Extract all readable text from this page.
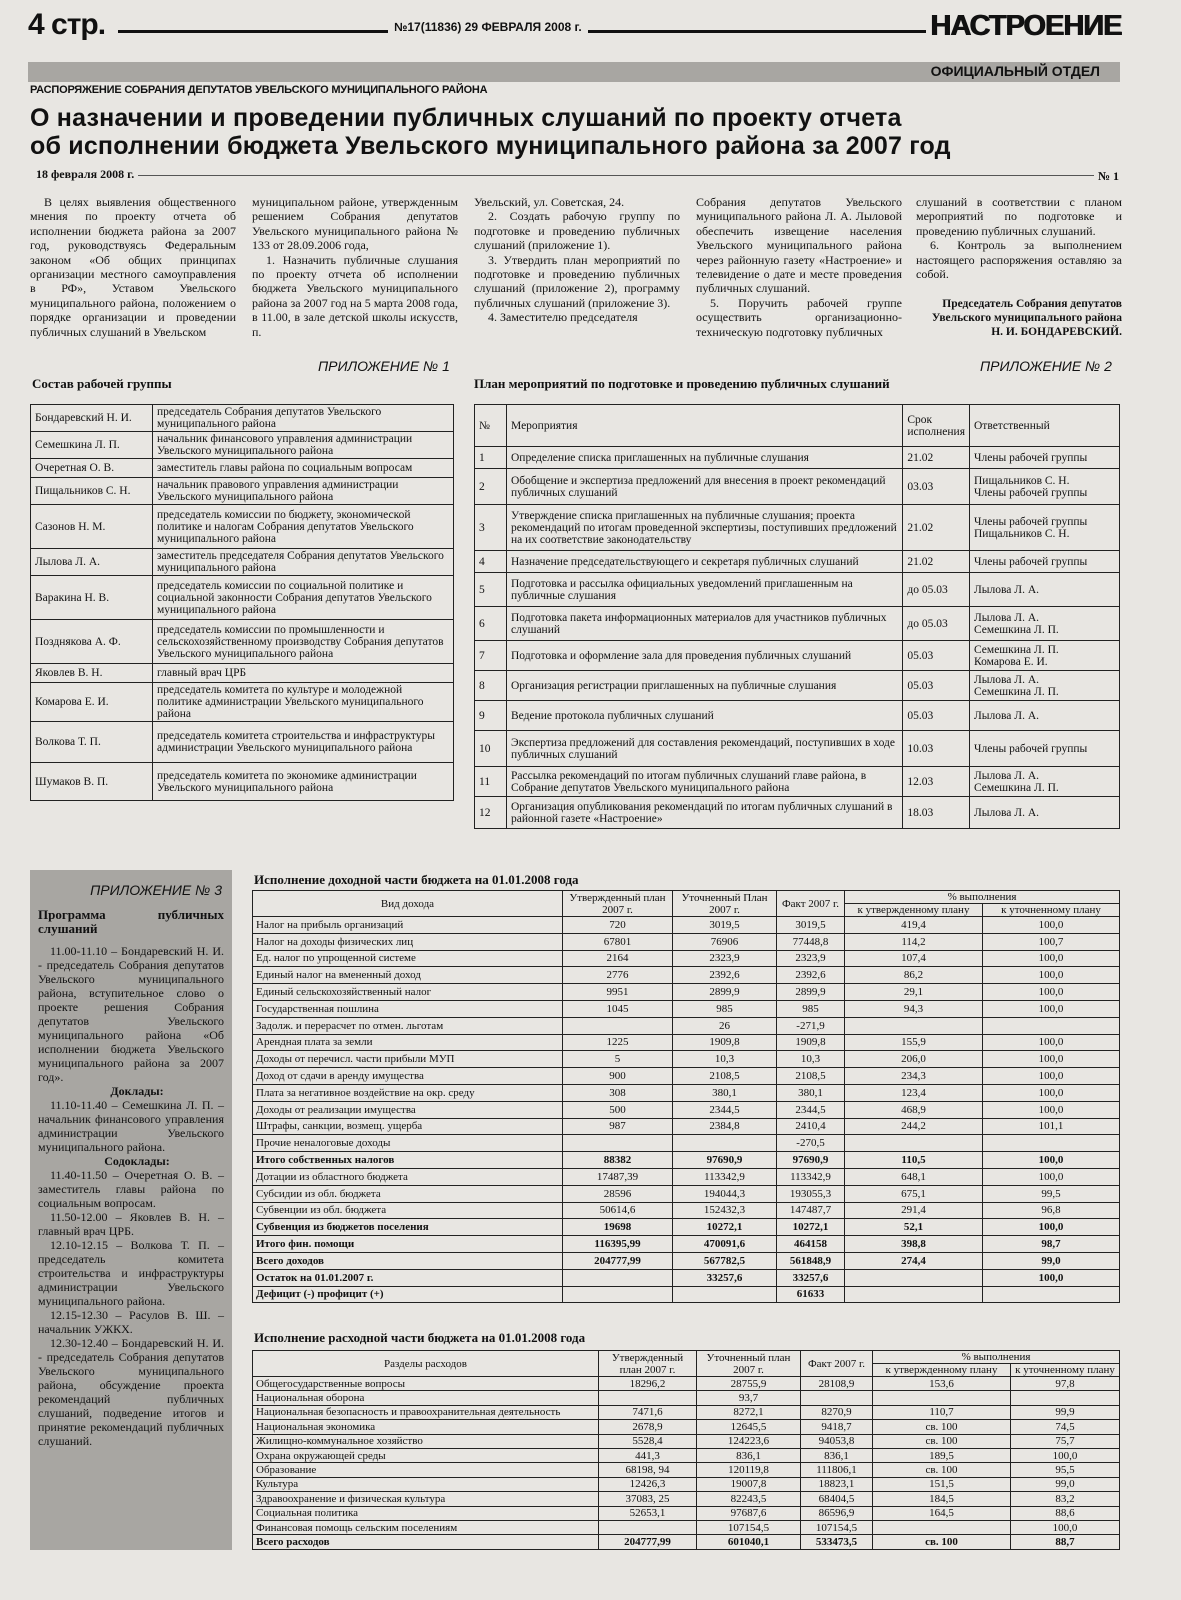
4 стр.	№17(11836) 29 ФЕВРАЛЯ 2008 г.	НАСТРОЕНИЕ
ОФИЦИАЛЬНЫЙ ОТДЕЛ
РАСПОРЯЖЕНИЕ СОБРАНИЯ ДЕПУТАТОВ УВЕЛЬСКОГО МУНИЦИПАЛЬНОГО РАЙОНА
О назначении и проведении публичных слушаний по проекту отчета
об исполнении бюджета Увельского муниципального района за 2007 год
18 февраля 2008 г.	№ 1

В целях выявления общественного мнения по проекту отчета об исполнении бюджета района за 2007 год, руководствуясь Федеральным законом «Об общих принципах организации местного самоуправления в РФ», Уставом Увельского муниципального района, положением о порядке организации и проведении публичных слушаний в Увельском

муниципальном районе, утвержденным решением Собрания депутатов Увельского муниципального района № 133 от 28.09.2006 года,

1. Назначить публичные слушания по проекту отчета об исполнении бюджета Увельского муниципального района за 2007 год на 5 марта 2008 года, в 11.00, в зале детской школы искусств, п.

Увельский, ул. Советская, 24.

2. Создать рабочую группу по подготовке и проведению публичных слушаний (приложение 1).

3. Утвердить план мероприятий по подготовке и проведению публичных слушаний (приложение 2), программу публичных слушаний (приложение 3).

4. Заместителю председателя

Собрания депутатов Увельского муниципального района Л. А. Лыловой обеспечить извещение населения Увельского муниципального района через районную газету «Настроение» и телевидение о дате и месте проведения публичных слушаний.

5. Поручить рабочей группе осуществить организационно-техническую подготовку публичных

слушаний в соответствии с планом мероприятий по подготовке и проведению публичных слушаний.

6. Контроль за выполнением настоящего распоряжения оставляю за собой.

Председатель Собрания депутатов
Увельского муниципального района
Н. И. БОНДАРЕВСКИЙ.
ПРИЛОЖЕНИЕ № 1
Состав рабочей группы
Бондаревский Н. И.	председатель Собрания депутатов Увельского муниципального района
Семешкина Л. П.	начальник финансового управления администрации Увельского муниципального района
Очеретная О. В.	заместитель главы района по социальным вопросам
Пищальников С. Н.	начальник правового управления администрации Увельского муниципального района
Сазонов Н. М.	председатель комиссии по бюджету, экономической политике и налогам Собрания депутатов Увельского муниципального района
Лылова Л. А.	заместитель председателя Собрания депутатов Увельского муниципального района
Варакина Н. В.	председатель комиссии по социальной политике и социальной законности Собрания депутатов Увельского муниципального района
Позднякова А. Ф.	председатель комиссии по промышленности и сельскохозяйственному производству Собрания депутатов Увельского муниципального района
Яковлев В. Н.	главный врач ЦРБ
Комарова Е. И.	председатель комитета по культуре и молодежной политике администрации Увельского муниципального района
Волкова Т. П.	председатель комитета строительства и инфраструктуры администрации Увельского муниципального района
Шумаков В. П.	председатель комитета по экономике администрации Увельского муниципального района
ПРИЛОЖЕНИЕ № 2
План мероприятий по подготовке и проведению публичных слушаний
№	Мероприятия	Срок исполнения	Ответственный
1	Определение списка приглашенных на публичные слушания	21.02	Члены рабочей группы
2	Обобщение и экспертиза предложений для внесения в проект рекомендаций публичных слушаний	03.03	Пищальников С. Н.
Члены рабочей группы
3	Утверждение списка приглашенных на публичные слушания; проекта рекомендаций по итогам проведенной экспертизы, поступивших предложений на их соответствие законодательству	21.02	Члены рабочей группы
Пищальников С. Н.
4	Назначение председательствующего и секретаря публичных слушаний	21.02	Члены рабочей группы
5	Подготовка и рассылка официальных уведомлений приглашенным на публичные слушания	до 05.03	Лылова Л. А.
6	Подготовка пакета информационных материалов для участников публичных слушаний	до 05.03	Лылова Л. А.
Семешкина Л. П.
7	Подготовка и оформление зала для проведения публичных слушаний	05.03	Семешкина Л. П.
Комарова Е. И.
8	Организация регистрации приглашенных на публичные слушания	05.03	Лылова Л. А.
Семешкина Л. П.
9	Ведение протокола публичных слушаний	05.03	Лылова Л. А.
10	Экспертиза предложений для составления рекомендаций, поступивших в ходе публичных слушаний	10.03	Члены рабочей группы
11	Рассылка рекомендаций по итогам публичных слушаний главе района, в Собрание депутатов Увельского муниципального района	12.03	Лылова Л. А.
Семешкина Л. П.
12	Организация опубликования рекомендаций по итогам публичных слушаний в районной газете «Настроение»	18.03	Лылова Л. А.
ПРИЛОЖЕНИЕ № 3
Программа публичных слушаний

11.00-11.10 – Бондаревский Н. И. - председатель Собрания депутатов Увельского муниципального района, вступительное слово о проекте решения Собрания депутатов Увельского муниципального района «Об исполнении бюджета Увельского муниципального района за 2007 год».

Доклады:

11.10-11.40 – Семешкина Л. П. – начальник финансового управления администрации Увельского муниципального района.

Содоклады:

11.40-11.50 – Очеретная О. В. – заместитель главы района по социальным вопросам.

11.50-12.00 – Яковлев В. Н. – главный врач ЦРБ.

12.10-12.15 – Волкова Т. П. – председатель комитета строительства и инфраструктуры администрации Увельского муниципального района.

12.15-12.30 – Расулов В. Ш. – начальник УЖКХ.

12.30-12.40 – Бондаревский Н. И. - председатель Собрания депутатов Увельского муниципального района, обсуждение проекта рекомендаций публичных слушаний, подведение итогов и принятие рекомендаций публичных слушаний.

Исполнение доходной части бюджета на 01.01.2008 года
Вид дохода	Утвержденный план 2007 г.	Уточненный План 2007 г.	Факт 2007 г.	% выполнения	
				к утвержденному плану	к уточненному плану
Налог на прибыль организаций	720	3019,5	3019,5	419,4	100,0
Налог на доходы физических лиц	67801	76906	77448,8	114,2	100,7
Ед. налог по упрощенной системе	2164	2323,9	2323,9	107,4	100,0
Единый налог на вмененный доход	2776	2392,6	2392,6	86,2	100,0
Единый сельскохозяйственный налог	9951	2899,9	2899,9	29,1	100,0
Государственная пошлина	1045	985	985	94,3	100,0
Задолж. и перерасчет по отмен. льготам		26	-271,9		
Арендная плата за земли	1225	1909,8	1909,8	155,9	100,0
Доходы от перечисл. части прибыли МУП	5	10,3	10,3	206,0	100,0
Доход от сдачи в аренду имущества	900	2108,5	2108,5	234,3	100,0
Плата за негативное воздействие на окр. среду	308	380,1	380,1	123,4	100,0
Доходы от реализации имущества	500	2344,5	2344,5	468,9	100,0
Штрафы, санкции, возмещ. ущерба	987	2384,8	2410,4	244,2	101,1
Прочие неналоговые доходы			-270,5		
Итого собственных налогов	88382	97690,9	97690,9	110,5	100,0
Дотации из областного бюджета	17487,39	113342,9	113342,9	648,1	100,0
Субсидии из обл. бюджета	28596	194044,3	193055,3	675,1	99,5
Субвенции из обл. бюджета	50614,6	152432,3	147487,7	291,4	96,8
Субвенция из бюджетов поселения	19698	10272,1	10272,1	52,1	100,0
Итого фин. помощи	116395,99	470091,6	464158	398,8	98,7
Всего доходов	204777,99	567782,5	561848,9	274,4	99,0
Остаток на 01.01.2007 г.		33257,6	33257,6		100,0
Дефицит (-) профицит (+)			61633		
Исполнение расходной части бюджета на 01.01.2008 года
Разделы расходов	Утвержденный план 2007 г.	Уточненный план 2007 г.	Факт 2007 г.	% выполнения	
				к утвержденному плану	к уточненному плану
Общегосударственные вопросы	18296,2	28755,9	28108,9	153,6	97,8
Национальная оборона		93,7			
Национальная безопасность и правоохранительная деятельность	7471,6	8272,1	8270,9	110,7	99,9
Национальная экономика	2678,9	12645,5	9418,7	св. 100	74,5
Жилищно-коммунальное хозяйство	5528,4	124223,6	94053,8	св. 100	75,7
Охрана окружающей среды	441,3	836,1	836,1	189,5	100,0
Образование	68198, 94	120119,8	111806,1	св. 100	95,5
Культура	12426,3	19007,8	18823,1	151,5	99,0
Здравоохранение и физическая культура	37083, 25	82243,5	68404,5	184,5	83,2
Социальная политика	52653,1	97687,6	86596,9	164,5	88,6
Финансовая помощь сельским поселениям		107154,5	107154,5		100,0
Всего расходов	204777,99	601040,1	533473,5	св. 100	88,7
